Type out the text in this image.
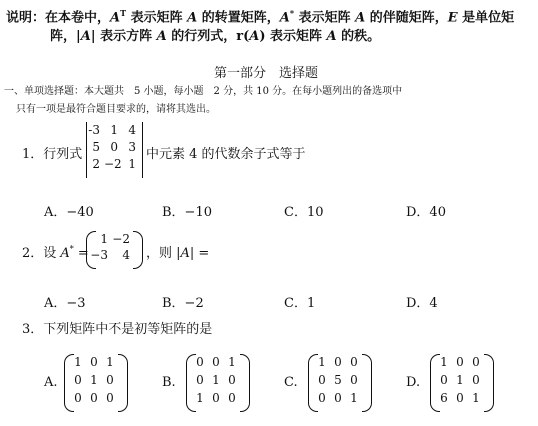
说明：在本卷中，$A^T$ 表示矩阵 A 的转置矩阵，A* 表示矩阵 A 的伴随矩阵，E 是单位矩
阵，|A| 表示方阵 A 的行列式，r(A) 表示矩阵 A 的秩。
第一部分　选择题
一、单项选择题：本大题共　5 小题，每小题　2 分，共 10 分。在每小题列出的备选项中
只有一项是最符合题目要求的，请将其选出。
1．行列式
-3 1 4
5 0 3
2 −2 1
中元素 4 的代数余子式等于
A．−40	B．−10	C．10	D．40
2．设 A* =
1 −2
−3	4 ，则 |A| =
A．−3	B．−2	C．1	D．4
3．下列矩阵中不是初等矩阵的是
A.
1 0 1
0 1 0
0 0 0
B.
0 0 1
0 1 0
1 0 0
C.
1 0 0
0 5 0
0 0 1
D.
1 0 0
0 1 0
6 0 1
